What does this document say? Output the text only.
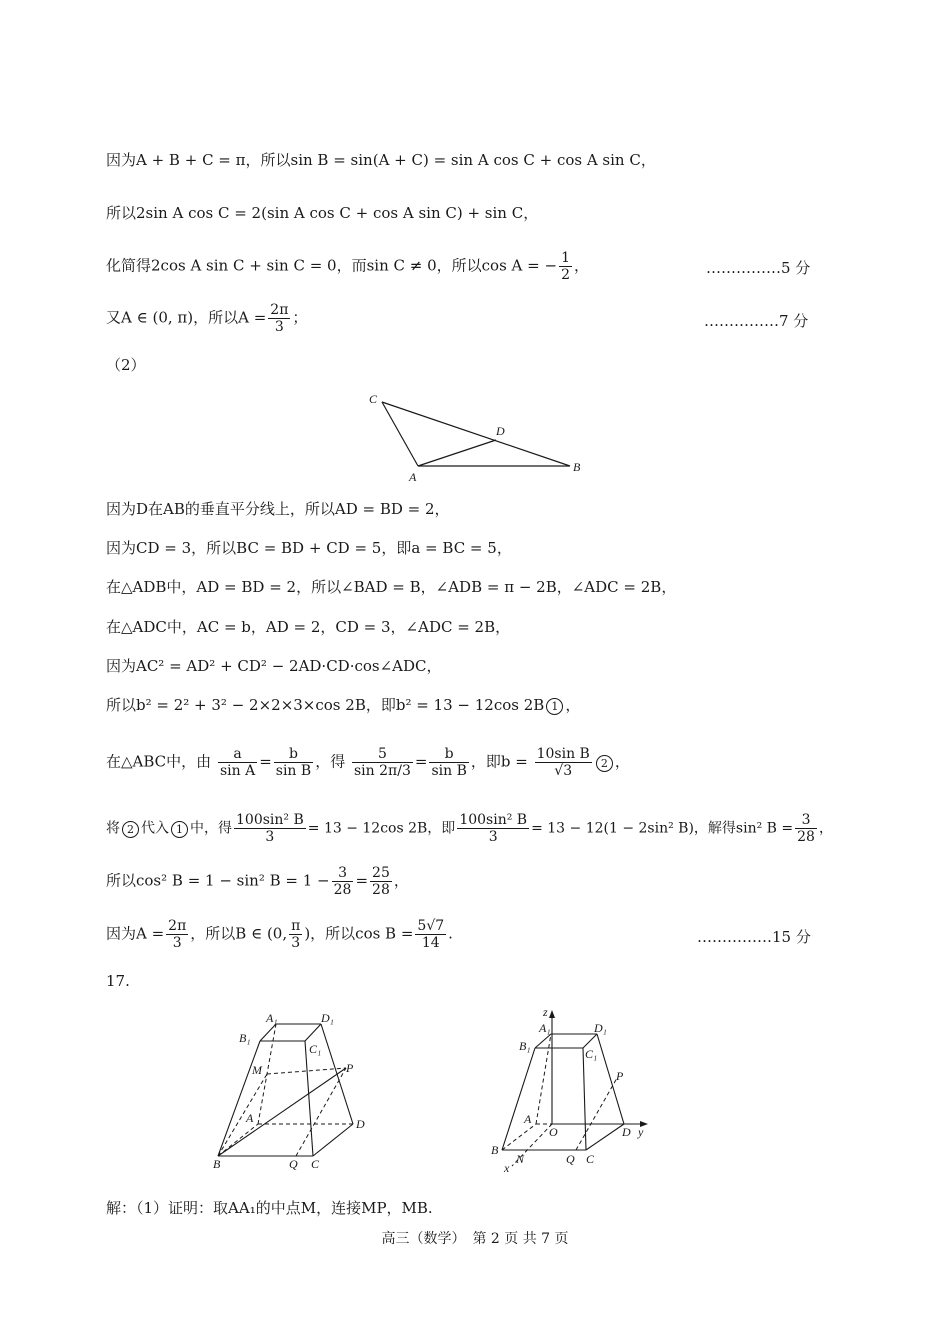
因为A + B + C = π，所以sin B = sin(A + C) = sin A cos C + cos A sin C，
所以2sin A cos C = 2(sin A cos C + cos A sin C) + sin C，
化简得2cos A sin C + sin C = 0，而sin C ≠ 0，所以cos A = − $\frac{1}{2}$ ，	……………5 分
又A ∈ (0, π)，所以$A = \frac{2\pi}{3}$ ；	……………7 分
（2）
C
D
A
B
因为D在AB的垂直平分线上，所以AD = BD = 2，
因为CD = 3，所以BC = BD + CD = 5，即a = BC = 5，
在△ADB中，AD = BD = 2，所以∠BAD = B，∠ADB = π − 2B，∠ADC = 2B，
在△ADC中，AC = b，AD = 2，CD = 3，∠ADC = 2B，
因为AC² = AD² + CD² − 2AD·CD·cos∠ADC，
所以b² = 2² + 3² − 2×2×3×cos 2B，即b² = 13 − 12cos 2B 1 ，
在△ABC中，由 $\frac{a}{\text{sin A}} = \frac{b}{\text{sin B}}$ ，得 $\frac{5}{\sin 2\pi/3} = \frac{b}{\text{sin B}}$ ，即$b = \frac{\text{10sin B}}{√3} 2$ ，
将 2 代入 1 中，得 $\frac{\text{100sin² B}}{3} = 13 - 12\cos$ 2B，即 $\frac{\text{100sin² B}}{3} = 13 - 12(1 - 2\sin^2$ B)，解得sin² $B = \frac{3}{28}$ ，
所以cos² B = 1 − sin² $B = 1 - \frac{3}{28} = \frac{25}{28}$ ，
因为$A = \frac{2\pi}{3}$ ，所以B ∈ (0, $\frac{\pi}{3}$ )，所以$\cos B = \frac{5√7}{14}$ .	……………15 分
17.
A₁	D₁
B₁
C₁
M	P
A	D
B	Q C
z
A₁	D₁
B₁
C₁
P
A
O	D y
B
N
x
Q C
解：（1）证明：取AA₁的中点M，连接MP，MB.
高三（数学）　第 2 页 共 7 页
